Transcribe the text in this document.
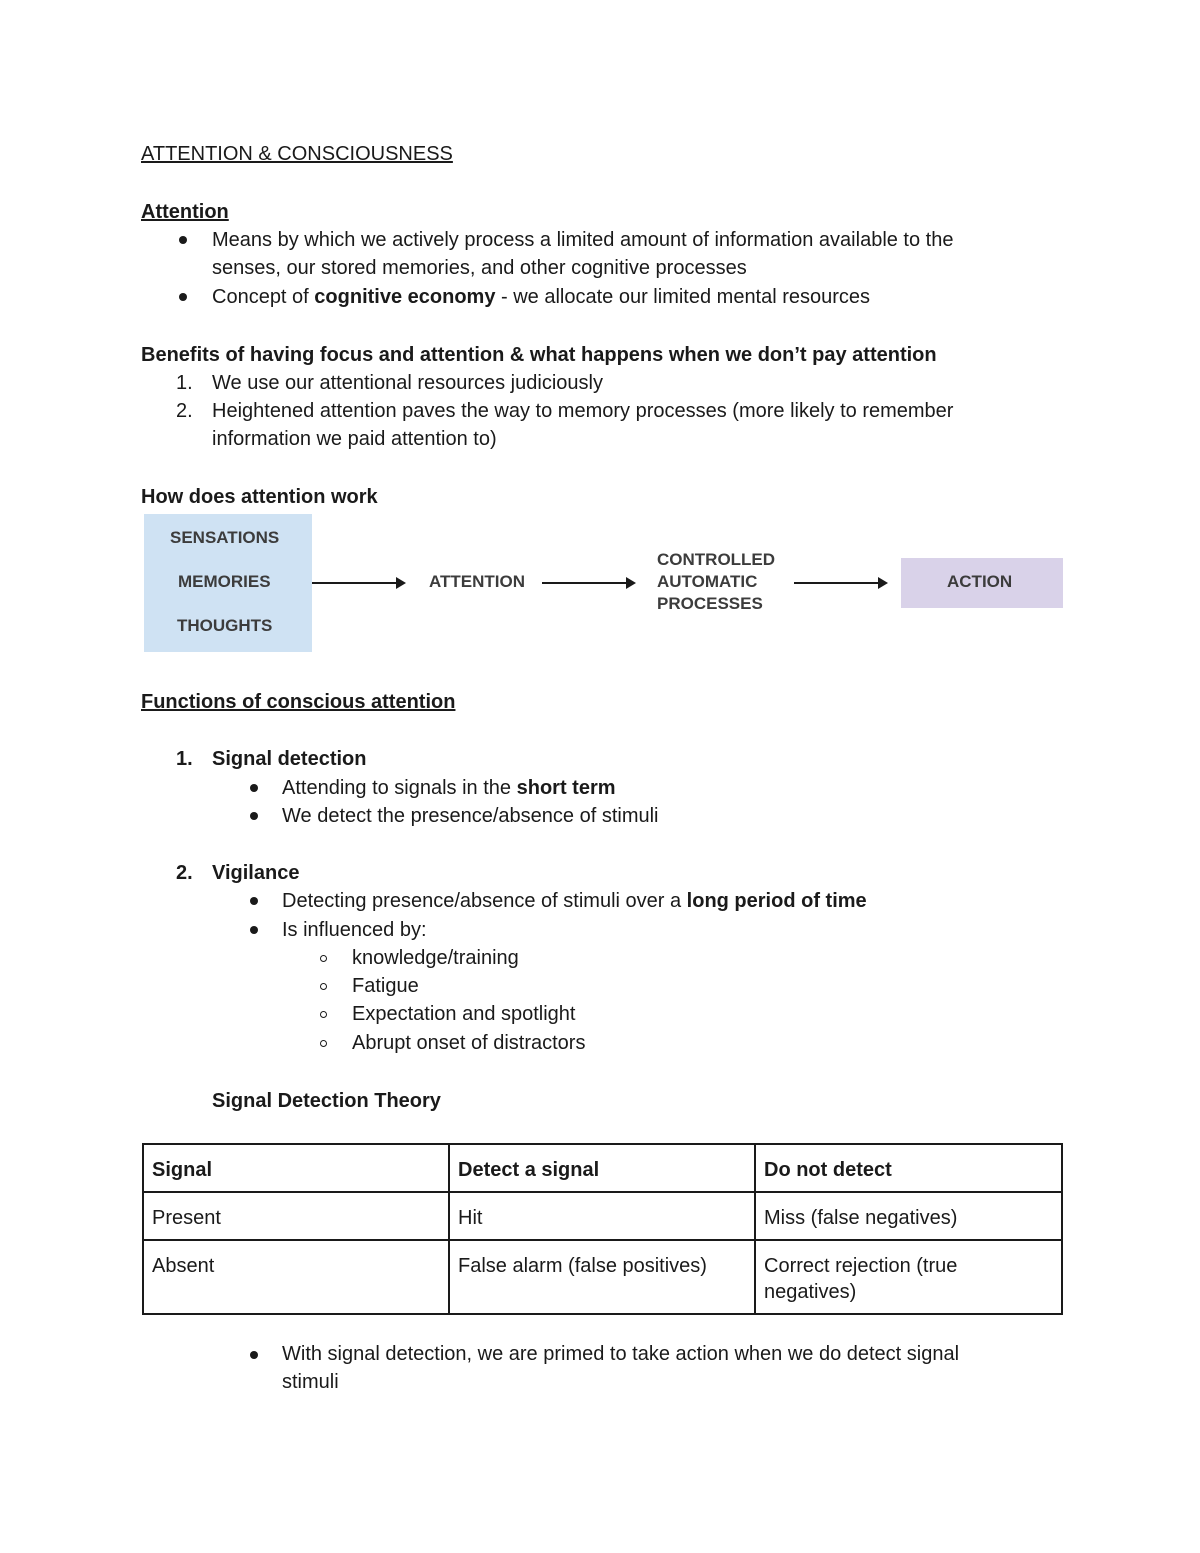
ATTENTION & CONSCIOUSNESS
Attention
Means by which we actively process a limited amount of information available to the
senses, our stored memories, and other cognitive processes
Concept of cognitive economy - we allocate our limited mental resources
Benefits of having focus and attention & what happens when we don’t pay attention
1. We use our attentional resources judiciously
2. Heightened attention paves the way to memory processes (more likely to remember
information we paid attention to)
How does attention work
SENSATIONS
MEMORIES
THOUGHTS
ATTENTION
CONTROLLED
AUTOMATIC
PROCESSES
ACTION
Functions of conscious attention
1. Signal detection
Attending to signals in the short term
We detect the presence/absence of stimuli
2. Vigilance
Detecting presence/absence of stimuli over a long period of time
Is influenced by:
knowledge/training
Fatigue
Expectation and spotlight
Abrupt onset of distractors
Signal Detection Theory
Signal	Detect a signal	Do not detect
Present	Hit	Miss (false negatives)
Absent	False alarm (false positives)	Correct rejection (true negatives)
With signal detection, we are primed to take action when we do detect signal
stimuli
